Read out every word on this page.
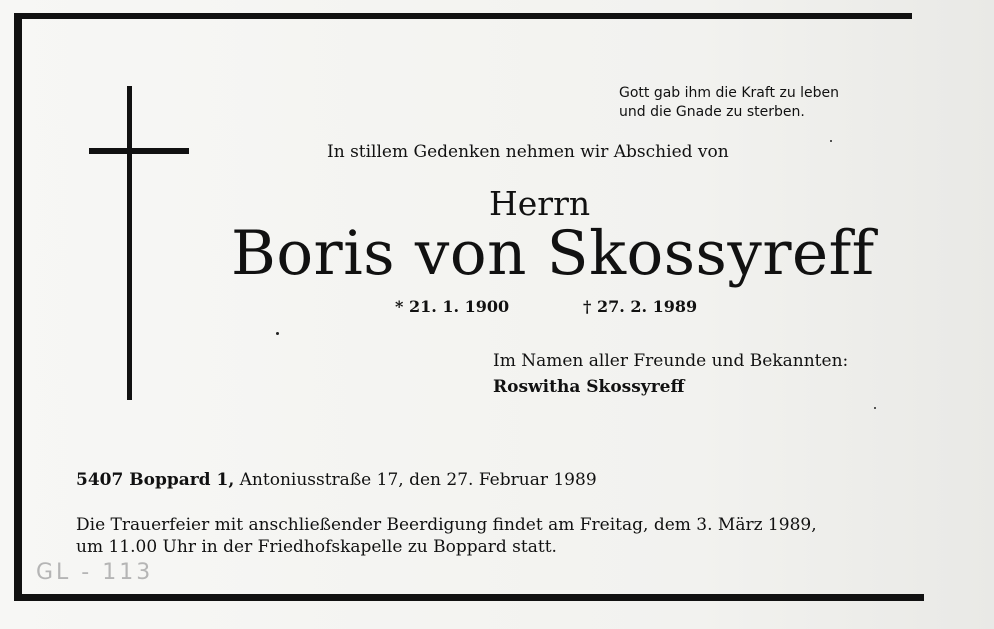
Gott gab ihm die Kraft zu leben
und die Gnade zu sterben.
In stillem Gedenken nehmen wir Abschied von
Herrn
Boris von Skossyreff
* 21. 1. 1900	† 27. 2. 1989
Im Namen aller Freunde und Bekannten:
Roswitha Skossyreff
5407 Boppard 1, Antoniusstraße 17, den 27. Februar 1989
Die Trauerfeier mit anschließender Beerdigung findet am Freitag, dem 3. März 1989,
um 11.00 Uhr in der Friedhofskapelle zu Boppard statt.
GL - 113
